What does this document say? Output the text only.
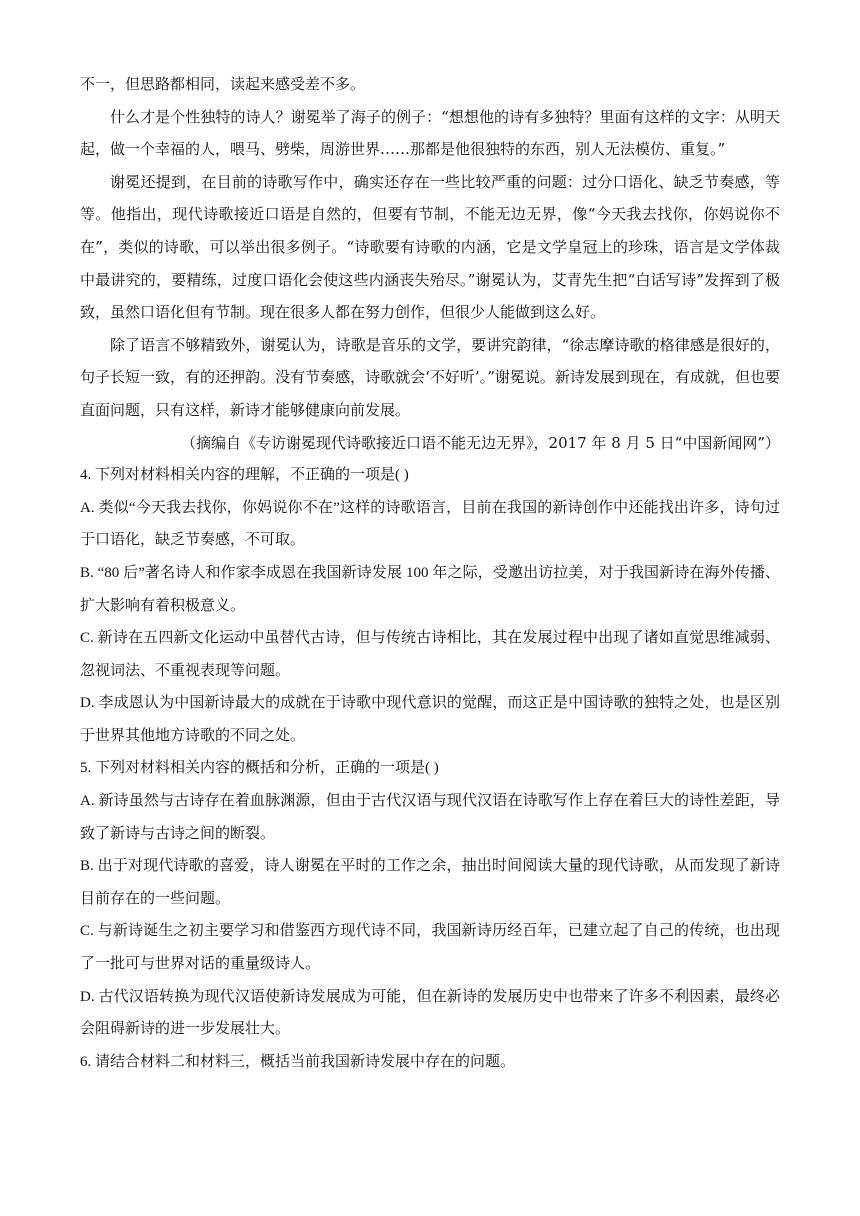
不一，但思路都相同，读起来感受差不多。

什么才是个性独特的诗人？谢冕举了海子的例子：“想想他的诗有多独特？里面有这样的文字：从明天起，做一个幸福的人，喂马、劈柴，周游世界……那都是他很独特的东西，别人无法模仿、重复。”

谢冕还提到，在目前的诗歌写作中，确实还存在一些比较严重的问题：过分口语化、缺乏节奏感，等等。他指出，现代诗歌接近口语是自然的，但要有节制，不能无边无界，像“今天我去找你，你妈说你不在”，类似的诗歌，可以举出很多例子。“诗歌要有诗歌的内涵，它是文学皇冠上的珍珠，语言是文学体裁中最讲究的，要精练，过度口语化会使这些内涵丧失殆尽。”谢冕认为，艾青先生把“白话写诗”发挥到了极致，虽然口语化但有节制。现在很多人都在努力创作，但很少人能做到这么好。

除了语言不够精致外，谢冕认为，诗歌是音乐的文学，要讲究韵律，“徐志摩诗歌的格律感是很好的，句子长短一致，有的还押韵。没有节奏感，诗歌就会‘不好听’。”谢冕说。新诗发展到现在，有成就，但也要直面问题，只有这样，新诗才能够健康向前发展。

（摘编自《专访谢冕现代诗歌接近口语不能无边无界》，2017 年 8 月 5 日“中国新闻网”）

4. 下列对材料相关内容的理解，不正确的一项是( )

A. 类似“今天我去找你，你妈说你不在”这样的诗歌语言，目前在我国的新诗创作中还能找出许多，诗句过于口语化，缺乏节奏感，不可取。

B. “80 后”著名诗人和作家李成恩在我国新诗发展 100 年之际，受邀出访拉美，对于我国新诗在海外传播、扩大影响有着积极意义。

C. 新诗在五四新文化运动中虽替代古诗，但与传统古诗相比，其在发展过程中出现了诸如直觉思维减弱、忽视词法、不重视表现等问题。

D. 李成恩认为中国新诗最大的成就在于诗歌中现代意识的觉醒，而这正是中国诗歌的独特之处，也是区别于世界其他地方诗歌的不同之处。

5. 下列对材料相关内容的概括和分析，正确的一项是( )

A. 新诗虽然与古诗存在着血脉渊源，但由于古代汉语与现代汉语在诗歌写作上存在着巨大的诗性差距，导致了新诗与古诗之间的断裂。

B. 出于对现代诗歌的喜爱，诗人谢冕在平时的工作之余，抽出时间阅读大量的现代诗歌，从而发现了新诗目前存在的一些问题。

C. 与新诗诞生之初主要学习和借鉴西方现代诗不同，我国新诗历经百年，已建立起了自己的传统，也出现了一批可与世界对话的重量级诗人。

D. 古代汉语转换为现代汉语使新诗发展成为可能，但在新诗的发展历史中也带来了许多不利因素，最终必会阻碍新诗的进一步发展壮大。

6. 请结合材料二和材料三，概括当前我国新诗发展中存在的问题。
